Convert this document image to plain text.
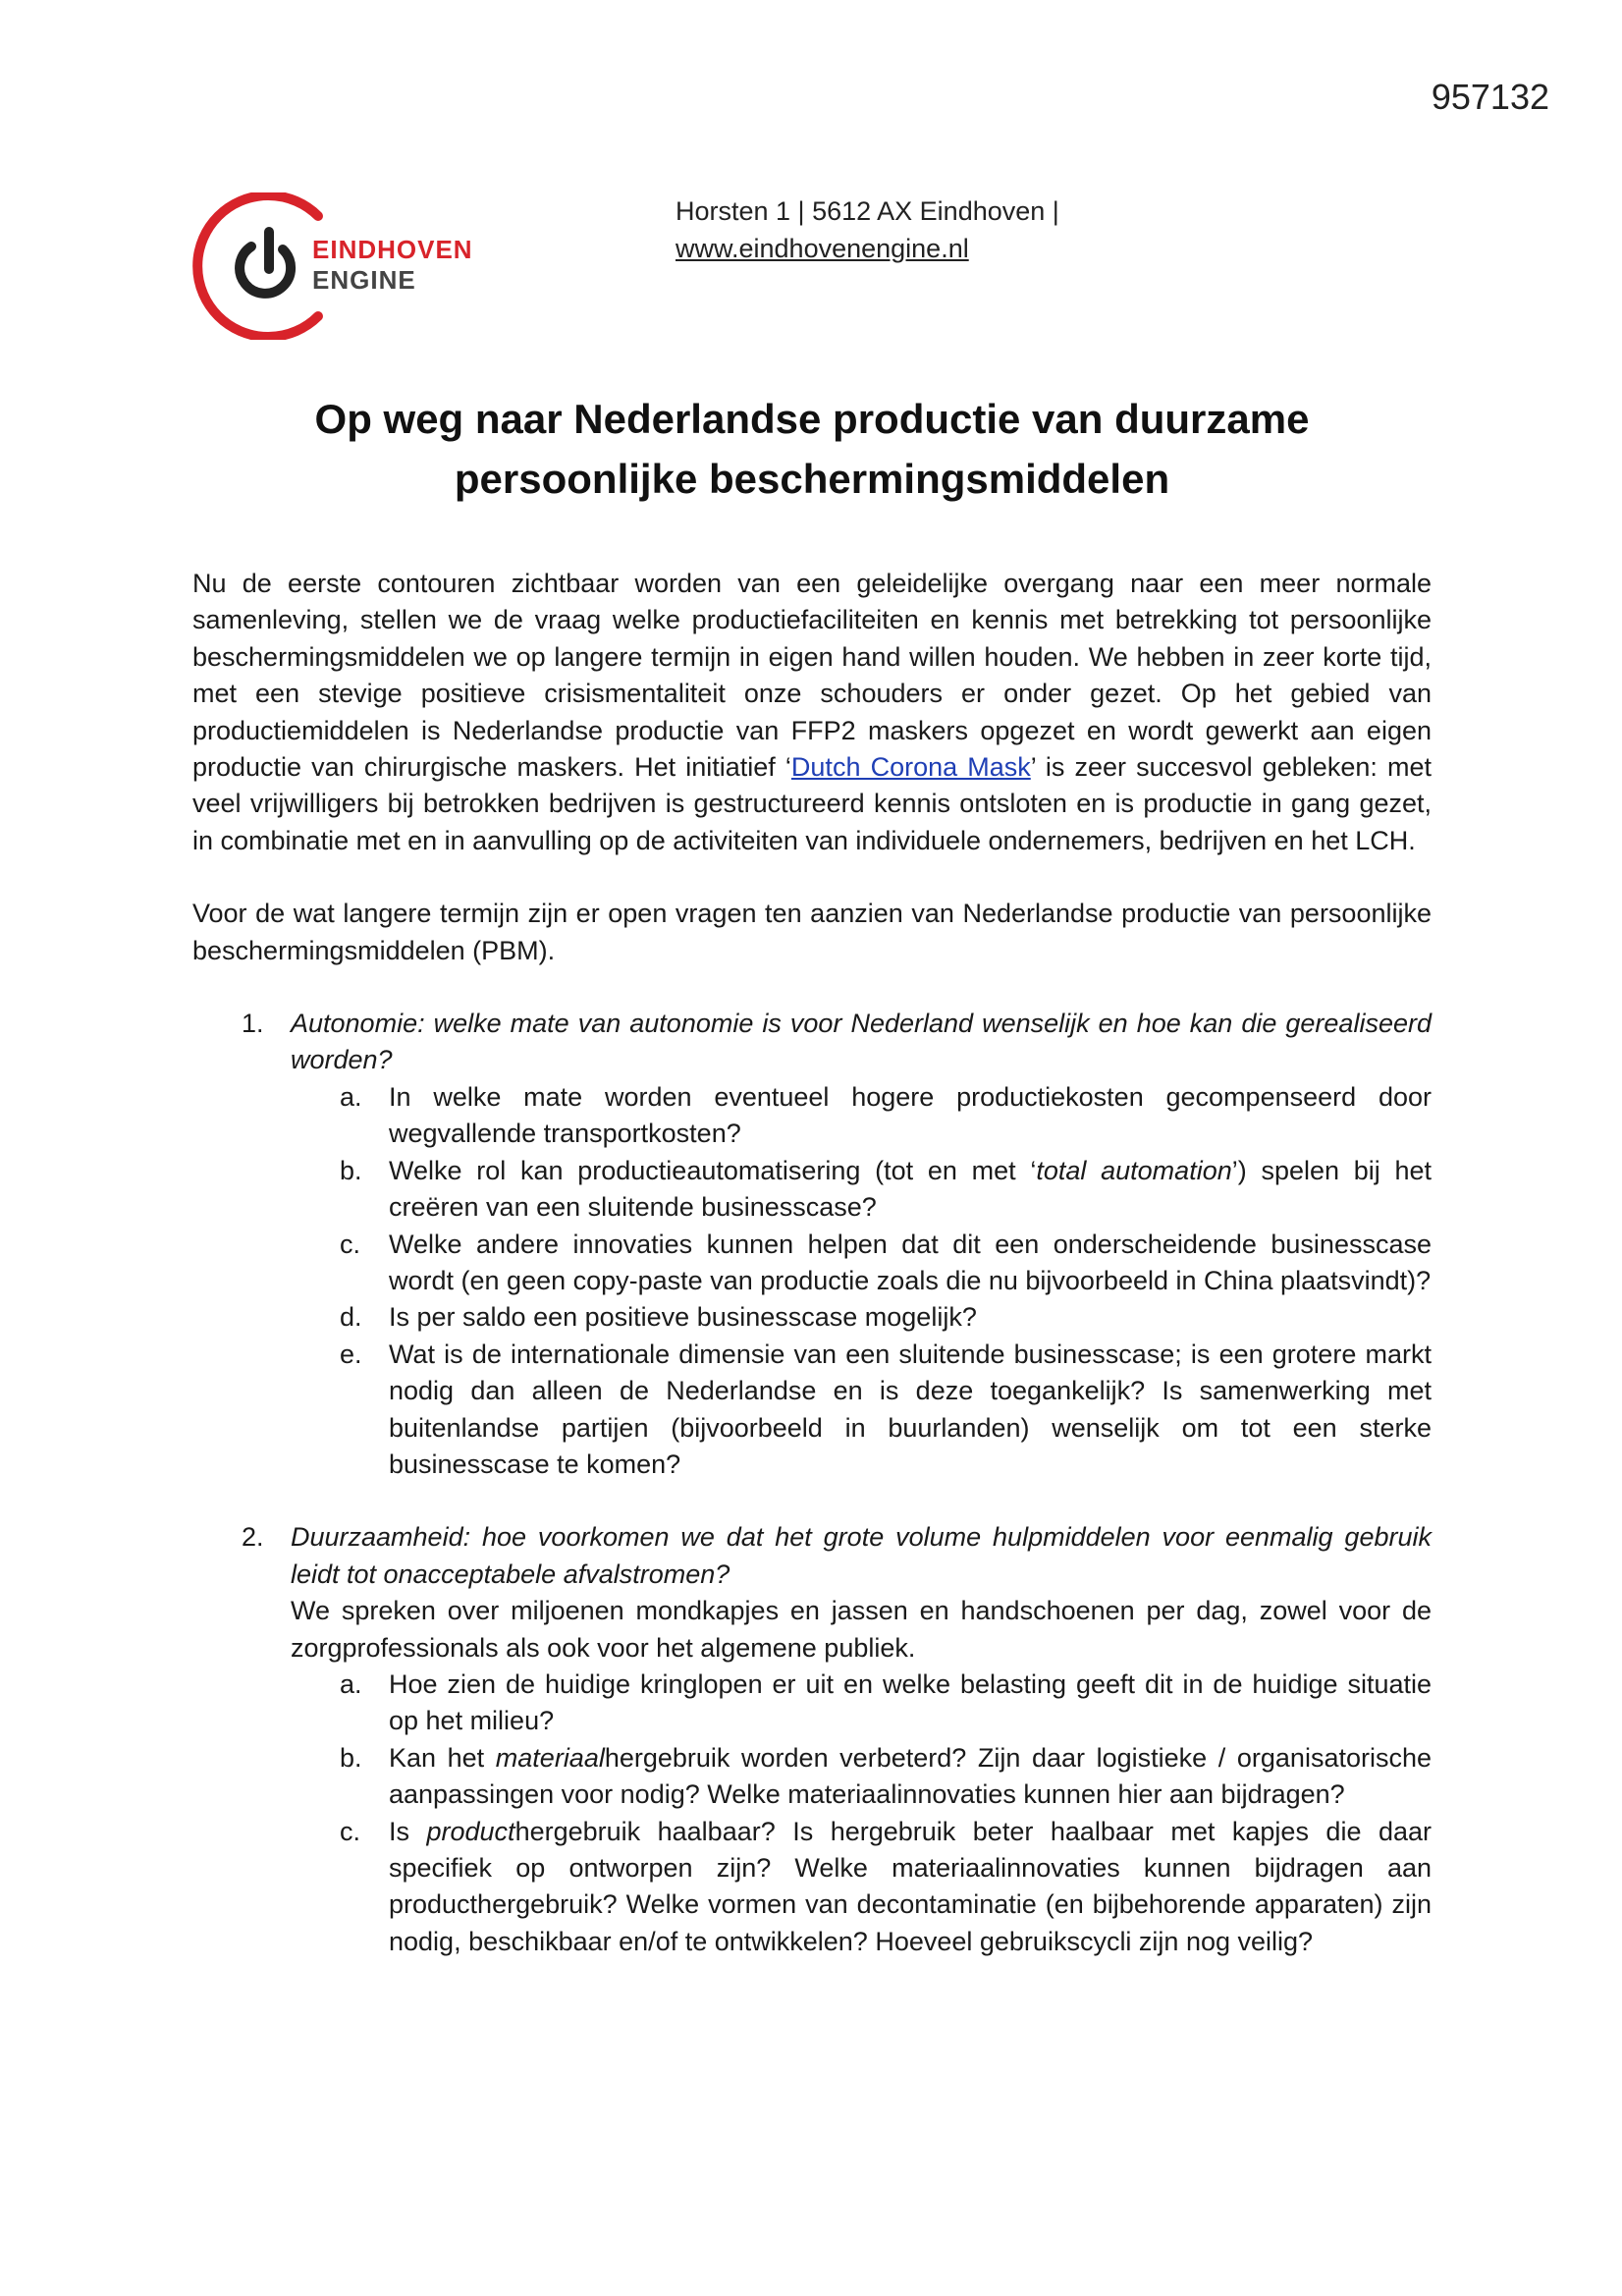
957132
EINDHOVEN
ENGINE
Horsten 1 | 5612 AX Eindhoven |
www.eindhovenengine.nl
Op weg naar Nederlandse productie van duurzame persoonlijke beschermingsmiddelen

Nu de eerste contouren zichtbaar worden van een geleidelijke overgang naar een meer normale samenleving, stellen we de vraag welke productiefaciliteiten en kennis met betrekking tot persoonlijke beschermingsmiddelen we op langere termijn in eigen hand willen houden. We hebben in zeer korte tijd, met een stevige positieve crisismentaliteit onze schouders er onder gezet. Op het gebied van productiemiddelen is Nederlandse productie van FFP2 maskers opgezet en wordt gewerkt aan eigen productie van chirurgische maskers. Het initiatief ‘Dutch Corona Mask’ is zeer succesvol gebleken: met veel vrijwilligers bij betrokken bedrijven is gestructureerd kennis ontsloten en is productie in gang gezet, in combinatie met en in aanvulling op de activiteiten van individuele ondernemers, bedrijven en het LCH.

Voor de wat langere termijn zijn er open vragen ten aanzien van Nederlandse productie van persoonlijke beschermingsmiddelen (PBM).

1. Autonomie: welke mate van autonomie is voor Nederland wenselijk en hoe kan die gerealiseerd worden?

a. In welke mate worden eventueel hogere productiekosten gecompenseerd door wegvallende transportkosten?
b. Welke rol kan productieautomatisering (tot en met ‘total automation’) spelen bij het creëren van een sluitende businesscase?
c. Welke andere innovaties kunnen helpen dat dit een onderscheidende businesscase wordt (en geen copy-paste van productie zoals die nu bijvoorbeeld in China plaatsvindt)?
d. Is per saldo een positieve businesscase mogelijk?
e. Wat is de internationale dimensie van een sluitende businesscase; is een grotere markt nodig dan alleen de Nederlandse en is deze toegankelijk? Is samenwerking met buitenlandse partijen (bijvoorbeeld in buurlanden) wenselijk om tot een sterke businesscase te komen?
2. Duurzaamheid: hoe voorkomen we dat het grote volume hulpmiddelen voor eenmalig gebruik leidt tot onacceptabele afvalstromen?

We spreken over miljoenen mondkapjes en jassen en handschoenen per dag, zowel voor de zorgprofessionals als ook voor het algemene publiek.

a. Hoe zien de huidige kringlopen er uit en welke belasting geeft dit in de huidige situatie op het milieu?
b. Kan het materiaalhergebruik worden verbeterd? Zijn daar logistieke / organisatorische aanpassingen voor nodig? Welke materiaalinnovaties kunnen hier aan bijdragen?
c. Is producthergebruik haalbaar? Is hergebruik beter haalbaar met kapjes die daar specifiek op ontworpen zijn? Welke materiaalinnovaties kunnen bijdragen aan producthergebruik? Welke vormen van decontaminatie (en bijbehorende apparaten) zijn nodig, beschikbaar en/of te ontwikkelen? Hoeveel gebruikscycli zijn nog veilig?
